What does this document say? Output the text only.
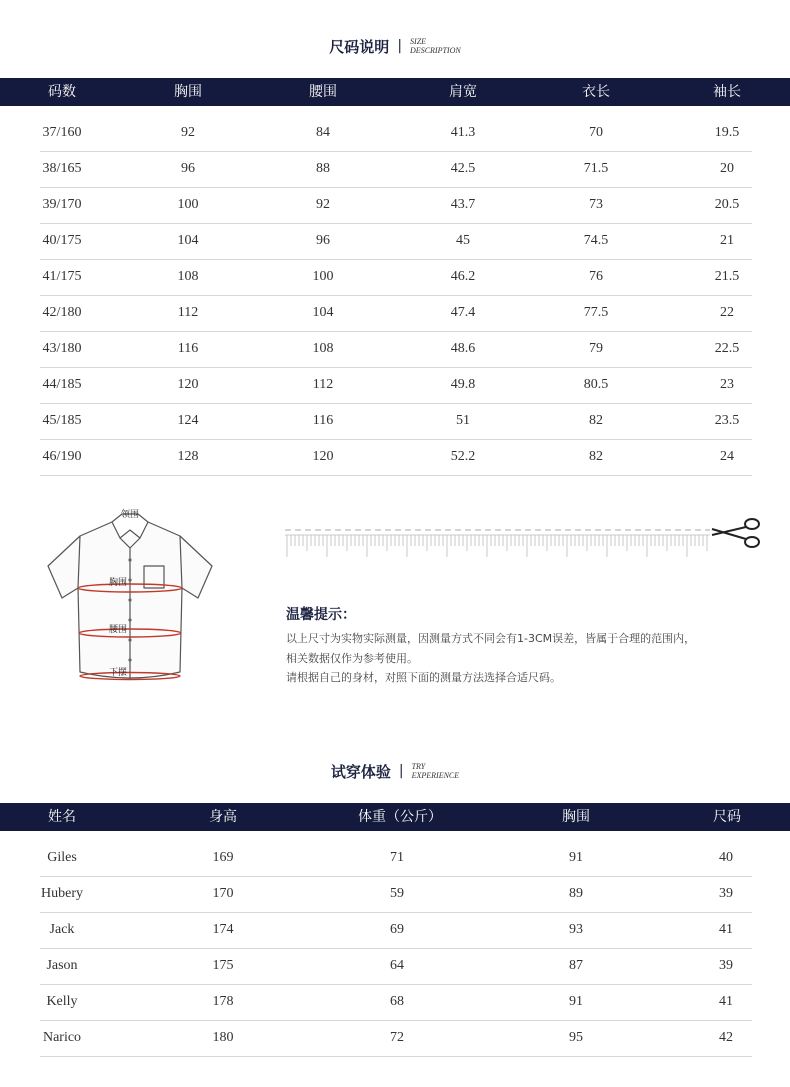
尺码说明 | SIZE
DESCRIPTION
码数	胸围	腰围	肩宽	衣长	袖长
37/160	92	84	41.3	70	19.5
38/165	96	88	42.5	71.5	20
39/170	100	92	43.7	73	20.5
40/175	104	96	45	74.5	21
41/175	108	100	46.2	76	21.5
42/180	112	104	47.4	77.5	22
43/180	116	108	48.6	79	22.5
44/185	120	112	49.8	80.5	23
45/185	124	116	51	82	23.5
46/190	128	120	52.2	82	24
领围
胸围
腰围
下摆
温馨提示：
以上尺寸为实物实际测量，因测量方式不同会有1-3CM误差，皆属于合理的范围内，
相关数据仅作为参考使用。
请根据自己的身材，对照下面的测量方法选择合适尺码。
试穿体验 | TRY
EXPERIENCE
姓名	身高	体重（公斤）	胸围	尺码
Giles	169	71	91	40
Hubery	170	59	89	39
Jack	174	69	93	41
Jason	175	64	87	39
Kelly	178	68	91	41
Narico	180	72	95	42
